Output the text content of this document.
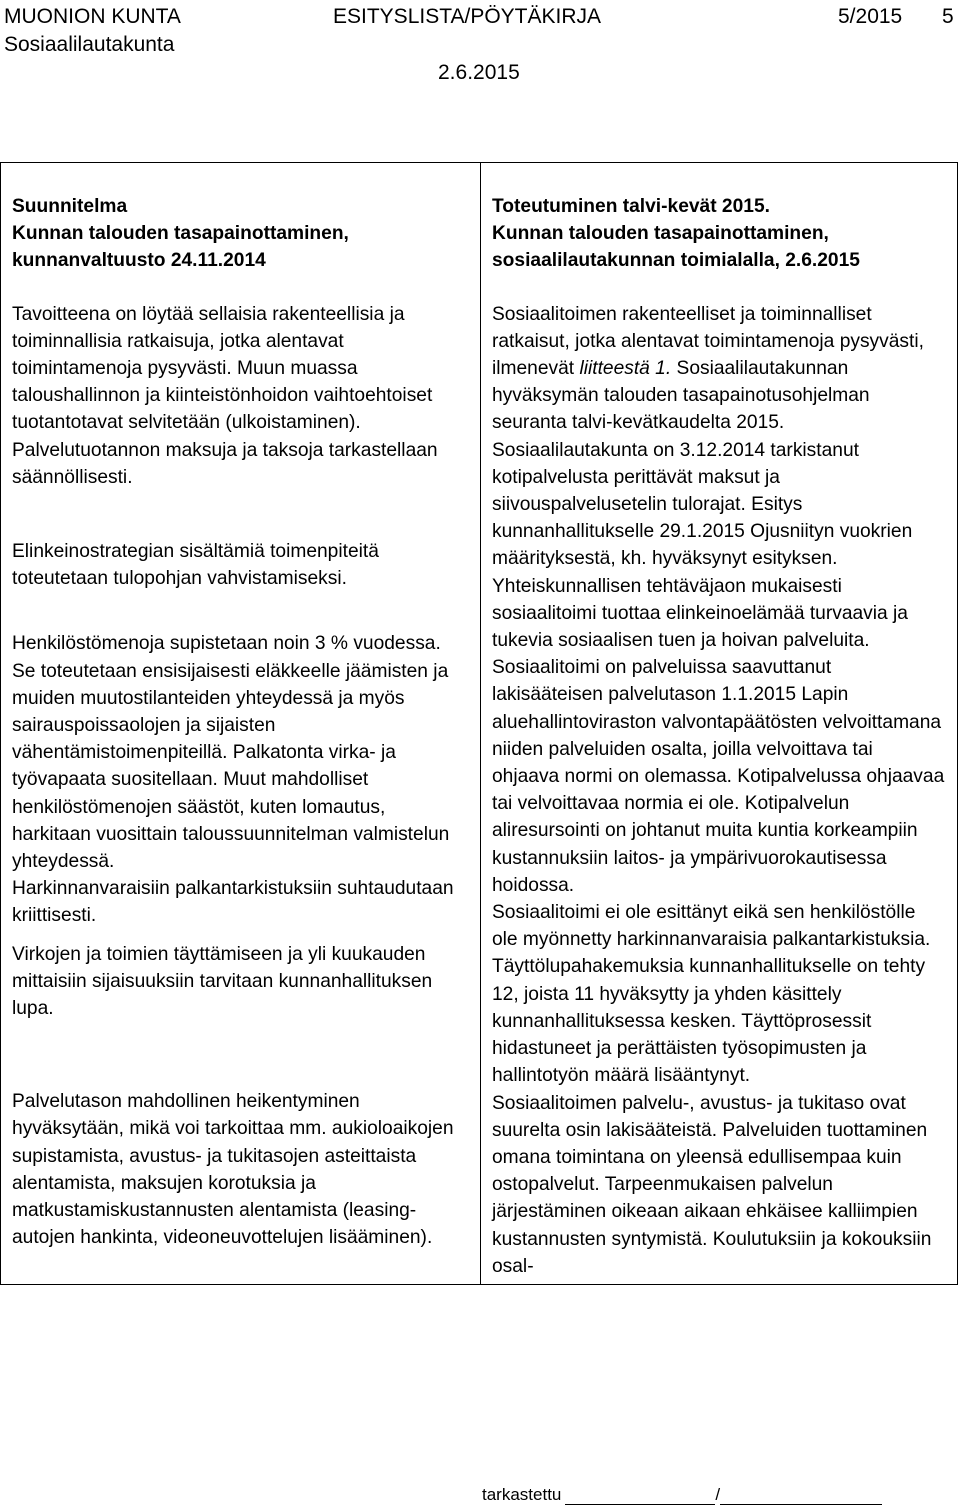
MUONION KUNTA	ESITYSLISTA/PÖYTÄKIRJA	5/2015 5
Sosiaalilautakunta
2.6.2015
Suunnitelma
Kunnan talouden tasapainottaminen,
kunnanvaltuusto 24.11.2014

Tavoitteena on löytää sellaisia rakenteellisia ja toiminnallisia ratkaisuja, jotka alentavat toimintamenoja pysyvästi. Muun muassa taloushallinnon ja kiinteistönhoidon vaihtoehtoiset tuotantotavat selvitetään (ulkoistaminen).

Palvelutuotannon maksuja ja taksoja tarkastellaan säännöllisesti.

Elinkeinostrategian sisältämiä toimenpiteitä toteutetaan tulopohjan vahvistamiseksi.

Henkilöstömenoja supistetaan noin 3 % vuodessa. Se toteutetaan ensisijaisesti eläkkeelle jäämisten ja muiden muutostilanteiden yhteydessä ja myös sairauspoissaolojen ja sijaisten vähentämistoimenpiteillä. Palkatonta virka- ja työvapaata suositellaan. Muut mahdolliset henkilöstömenojen säästöt, kuten lomautus, harkitaan vuosittain taloussuunnitelman valmistelun yhteydessä.

Harkinnanvaraisiin palkantarkistuksiin suhtaudutaan kriittisesti.

Virkojen ja toimien täyttämiseen ja yli kuukauden mittaisiin sijaisuuksiin tarvitaan kunnanhallituksen lupa.

Palvelutason mahdollinen heikentyminen hyväksytään, mikä voi tarkoittaa mm. aukioloaikojen supistamista, avustus- ja tukitasojen asteittaista alentamista, maksujen korotuksia ja matkustamiskustannusten alentamista (leasing-autojen hankinta, videoneuvottelujen lisääminen).

Toteutuminen talvi-kevät 2015.
Kunnan talouden tasapainottaminen,
sosiaalilautakunnan toimialalla, 2.6.2015

Sosiaalitoimen rakenteelliset ja toiminnalliset ratkaisut, jotka alentavat toimintamenoja pysyvästi, ilmenevät liitteestä 1. Sosiaalilautakunnan hyväksymän talouden tasapainotusohjelman seuranta talvi-kevätkaudelta 2015.

Sosiaalilautakunta on 3.12.2014 tarkistanut kotipalvelusta perittävät maksut ja siivouspalvelusetelin tulorajat. Esitys kunnanhallitukselle 29.1.2015 Ojusniityn vuokrien määrityksestä, kh. hyväksynyt esityksen.

Yhteiskunnallisen tehtäväjaon mukaisesti sosiaalitoimi tuottaa elinkeinoelämää turvaavia ja tukevia sosiaalisen tuen ja hoivan palveluita.

Sosiaalitoimi on palveluissa saavuttanut lakisääteisen palvelutason 1.1.2015 Lapin aluehallintoviraston valvontapäätösten velvoittamana niiden palveluiden osalta, joilla velvoittava tai ohjaava normi on olemassa. Kotipalvelussa ohjaavaa tai velvoittavaa normia ei ole. Kotipalvelun aliresursointi on johtanut muita kuntia korkeampiin kustannuksiin laitos- ja ympärivuorokautisessa hoidossa.

Sosiaalitoimi ei ole esittänyt eikä sen henkilöstölle ole myönnetty harkinnanvaraisia palkantarkistuksia.

Täyttölupahakemuksia kunnanhallitukselle on tehty 12, joista 11 hyväksytty ja yhden käsittely kunnanhallituksessa kesken. Täyttöprosessit hidastuneet ja perättäisten työsopimusten ja hallintotyön määrä lisääntynyt.

Sosiaalitoimen palvelu-, avustus- ja tukitaso ovat suurelta osin lakisääteistä. Palveluiden tuottaminen omana toimintana on yleensä edullisempaa kuin ostopalvelut. Tarpeenmukaisen palvelun järjestäminen oikeaan aikaan ehkäisee kalliimpien kustannusten syntymistä. Koulutuksiin ja kokouksiin osal-

tarkastettu	/
